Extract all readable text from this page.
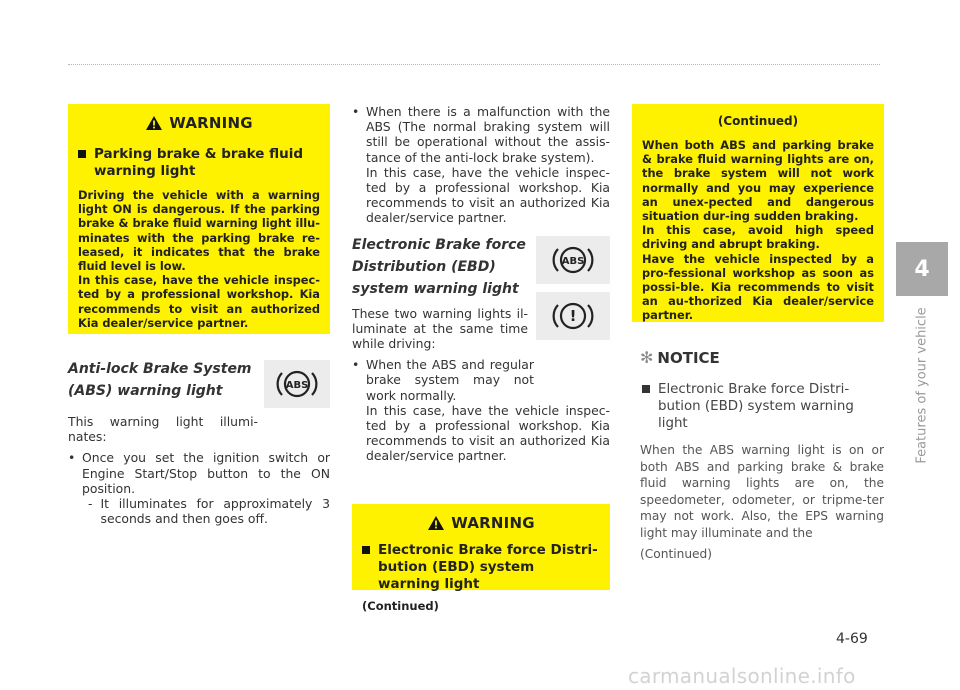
WARNING
Parking brake & brake fluid warning light
Driving the vehicle with a warning light ON is dangerous. If the parking brake & brake fluid warning light illu-minates with the parking brake re-leased, it indicates that the brake fluid level is low.
In this case, have the vehicle inspec-ted by a professional workshop. Kia recommends to visit an authorized Kia dealer/service partner.
Anti-lock Brake System
(ABS) warning light	ABS
This warning light illumi-nates:
• Once you set the ignition switch or Engine Start/Stop button to the ON position.
- It illuminates for approximately 3 seconds and then goes off.
• When there is a malfunction with the ABS (The normal braking system will still be operational without the assis-tance of the anti-lock brake system).
In this case, have the vehicle inspec-ted by a professional workshop. Kia recommends to visit an authorized Kia dealer/service partner.
Electronic Brake force
Distribution (EBD)
system warning light
ABS
These two warning lights il-luminate at the same time while driving:
!
• When the ABS and regular brake system may not work normally.
In this case, have the vehicle inspec-ted by a professional workshop. Kia recommends to visit an authorized Kia dealer/service partner.
WARNING
Electronic Brake force Distri-bution (EBD) system warning light
(Continued)
(Continued)
When both ABS and parking brake & brake fluid warning lights are on, the brake system will not work normally and you may experience an unex-pected and dangerous situation dur-ing sudden braking.
In this case, avoid high speed driving and abrupt braking.
Have the vehicle inspected by a pro-fessional workshop as soon as possi-ble. Kia recommends to visit an au-thorized Kia dealer/service partner.
✻ NOTICE
Electronic Brake force Distri-bution (EBD) system warning light
When the ABS warning light is on or both ABS and parking brake & brake fluid warning lights are on, the speedometer, odometer, or tripme-ter may not work. Also, the EPS warning light may illuminate and the
(Continued)
4
Features of your vehicle
4-69
carmanualsonline.info
